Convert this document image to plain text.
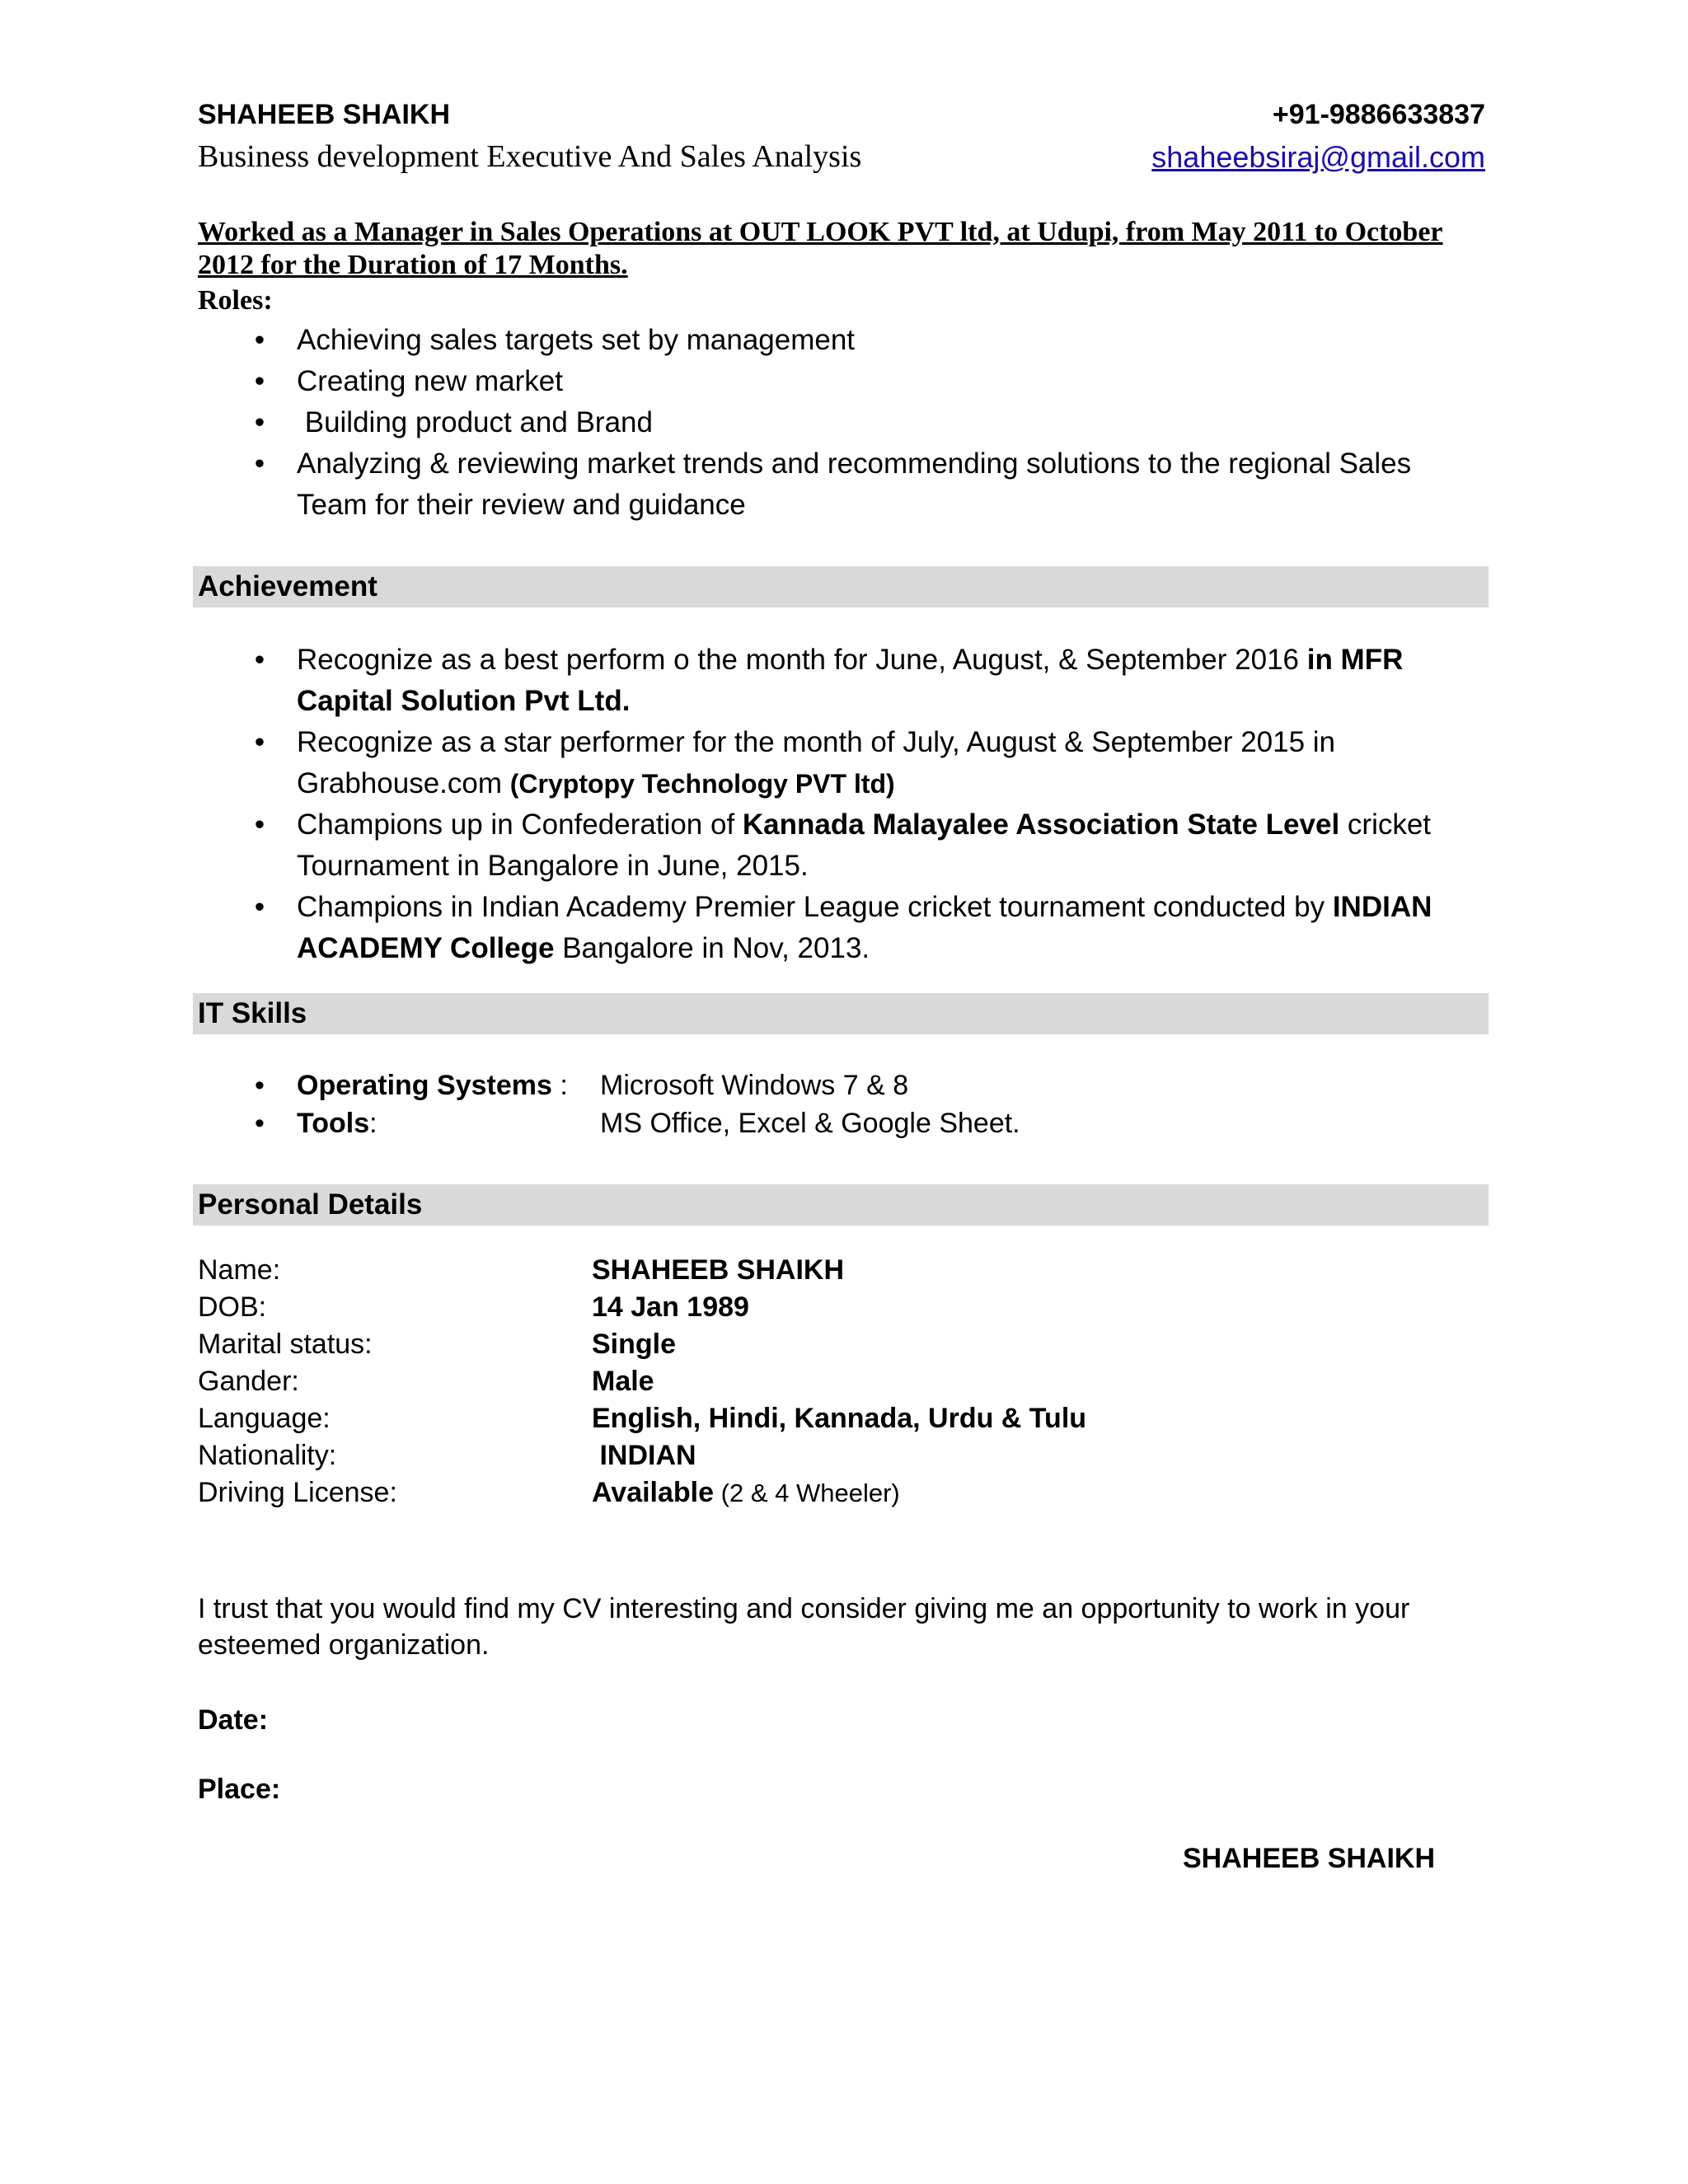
SHAHEEB SHAIKH	+91-9886633837
Business development Executive And Sales Analysis	shaheebsiraj@gmail.com
Worked as a Manager in Sales Operations at OUT LOOK PVT ltd, at Udupi, from May 2011 to October 2012 for the Duration of 17 Months.
Roles:
• Achieving sales targets set by management
• Creating new market
• Building product and Brand
• Analyzing & reviewing market trends and recommending solutions to the regional Sales Team for their review and guidance
Achievement
• Recognize as a best perform o the month for June, August, & September 2016 in MFR Capital Solution Pvt Ltd.
• Recognize as a star performer for the month of July, August & September 2015 in Grabhouse.com (Cryptopy Technology PVT ltd)
• Champions up in Confederation of Kannada Malayalee Association State Level cricket Tournament in Bangalore in June, 2015.
• Champions in Indian Academy Premier League cricket tournament conducted by INDIAN ACADEMY College Bangalore in Nov, 2013.
IT Skills
• Operating Systems : Microsoft Windows 7 & 8
• Tools:	MS Office, Excel & Google Sheet.
Personal Details
Name:	SHAHEEB SHAIKH
DOB:	14 Jan 1989
Marital status:	Single
Gander:	Male
Language:	English, Hindi, Kannada, Urdu & Tulu
Nationality:	INDIAN
Driving License:	Available (2 & 4 Wheeler)
I trust that you would find my CV interesting and consider giving me an opportunity to work in your esteemed organization.
Date:
Place:
SHAHEEB SHAIKH
